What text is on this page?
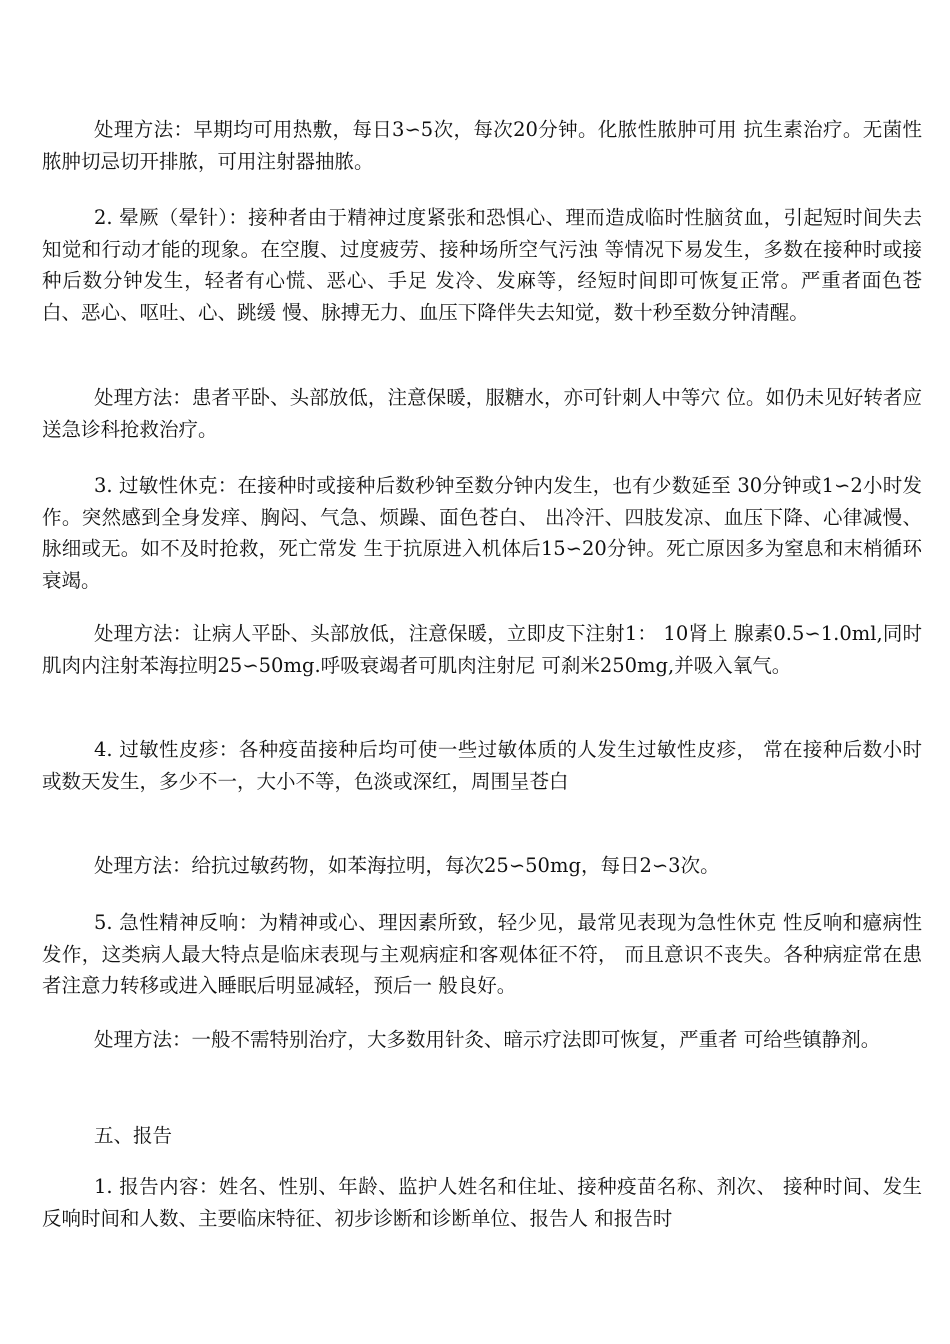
处理方法：早期均可用热敷，每日3∽5次，每次20分钟。化脓性脓肿可用 抗生素治疗。无菌性脓肿切忌切开排脓，可用注射器抽脓。

2. 晕厥（晕针）：接种者由于精神过度紧张和恐惧心、理而造成临时性脑贫血，引起短时间失去知觉和行动才能的现象。在空腹、过度疲劳、接种场所空气污浊 等情况下易发生，多数在接种时或接种后数分钟发生，轻者有心慌、恶心、手足 发冷、发麻等，经短时间即可恢复正常。严重者面色苍白、恶心、呕吐、心、跳缓 慢、脉搏无力、血压下降伴失去知觉，数十秒至数分钟清醒。

处理方法：患者平卧、头部放低，注意保暖，服糖水，亦可针刺人中等穴 位。如仍未见好转者应送急诊科抢救治疗。

3. 过敏性休克：在接种时或接种后数秒钟至数分钟内发生，也有少数延至 30分钟或1∽2小时发作。突然感到全身发痒、胸闷、气急、烦躁、面色苍白、 出冷汗、四肢发凉、血压下降、心律减慢、脉细或无。如不及时抢救，死亡常发 生于抗原进入机体后15∽20分钟。死亡原因多为窒息和末梢循环衰竭。

处理方法：让病人平卧、头部放低，注意保暖，立即皮下注射1： 10肾上 腺素0.5∽1.0ml,同时肌肉内注射苯海拉明25∽50mg.呼吸衰竭者可肌肉注射尼 可刹米250mg,并吸入氧气。

4. 过敏性皮疹：各种疫苗接种后均可使一些过敏体质的人发生过敏性皮疹， 常在接种后数小时或数天发生，多少不一，大小不等，色淡或深红，周围呈苍白

处理方法：给抗过敏药物，如苯海拉明，每次25∽50mg，每日2∽3次。

5. 急性精神反响：为精神或心、理因素所致，轻少见，最常见表现为急性休克 性反响和癔病性发作，这类病人最大特点是临床表现与主观病症和客观体征不符， 而且意识不丧失。各种病症常在患者注意力转移或进入睡眠后明显减轻，预后一 般良好。

处理方法：一般不需特别治疗，大多数用针灸、暗示疗法即可恢复，严重者 可给些镇静剂。

五、报告

1. 报告内容：姓名、性别、年龄、监护人姓名和住址、接种疫苗名称、剂次、 接种时间、发生反响时间和人数、主要临床特征、初步诊断和诊断单位、报告人 和报告时
